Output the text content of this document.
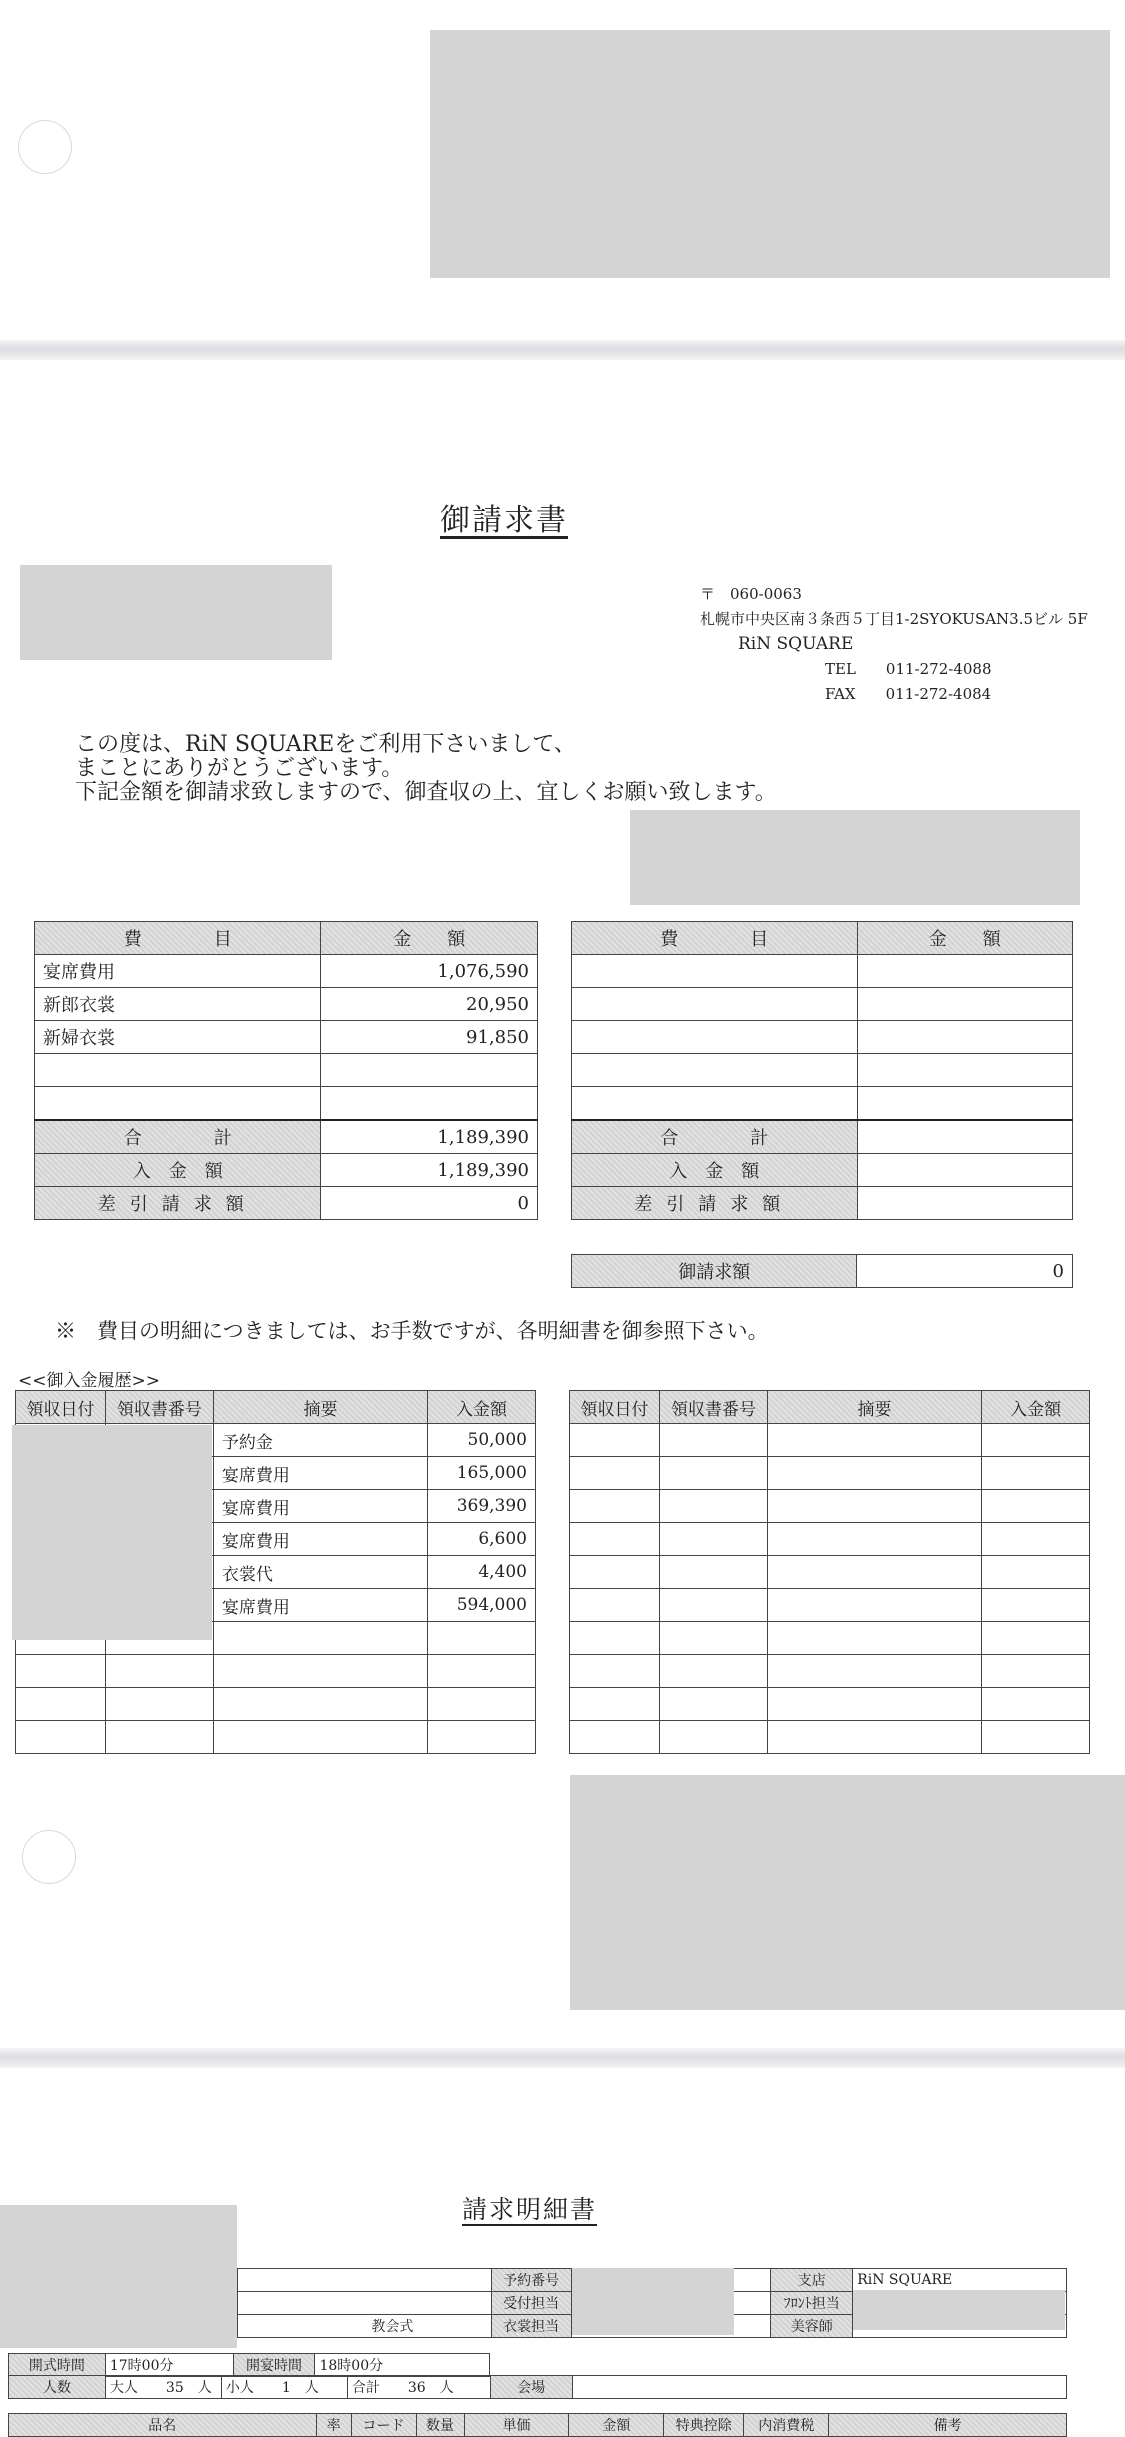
御請求書
〒　060-0063
札幌市中央区南３条西５丁目1-2SYOKUSAN3.5ビル 5F
RiN SQUARE
TEL 011-272-4088
FAX 011-272-4084
この度は、RiN SQUAREをご利用下さいまして、
まことにありがとうございます。
下記金額を御請求致しますので、御査収の上、宜しくお願い致します。
費　　　　目	金　　額
宴席費用	1,076,590
新郎衣裳	20,950
新婦衣裳	91,850

合　　　　計	1,189,390
入　金　額	1,189,390
差引請求額	0
費　　　　目	金　　額

合　　　　計	
入　金　額	
差引請求額	
御請求額	0
※　費目の明細につきましては、お手数ですが、各明細書を御参照下さい。
<<御入金履歴>>
領収日付	領収書番号	摘要	入金額
		予約金	50,000
		宴席費用	165,000
		宴席費用	369,390
		宴席費用	6,600
		衣裳代	4,400
		宴席費用	594,000

領収日付	領収書番号	摘要	入金額

請求明細書
	予約番号		支店	RiN SQUARE
	受付担当		ﾌﾛﾝﾄ担当	
教会式	衣裳担当		美容師	
開式時間	17時00分	開宴時間	18時00分
人数	大人　　35　人	小人　　1　人	合計　　36　人	会場	
品名	率	コード	数量	単価	金額	特典控除	内消費税	備考
